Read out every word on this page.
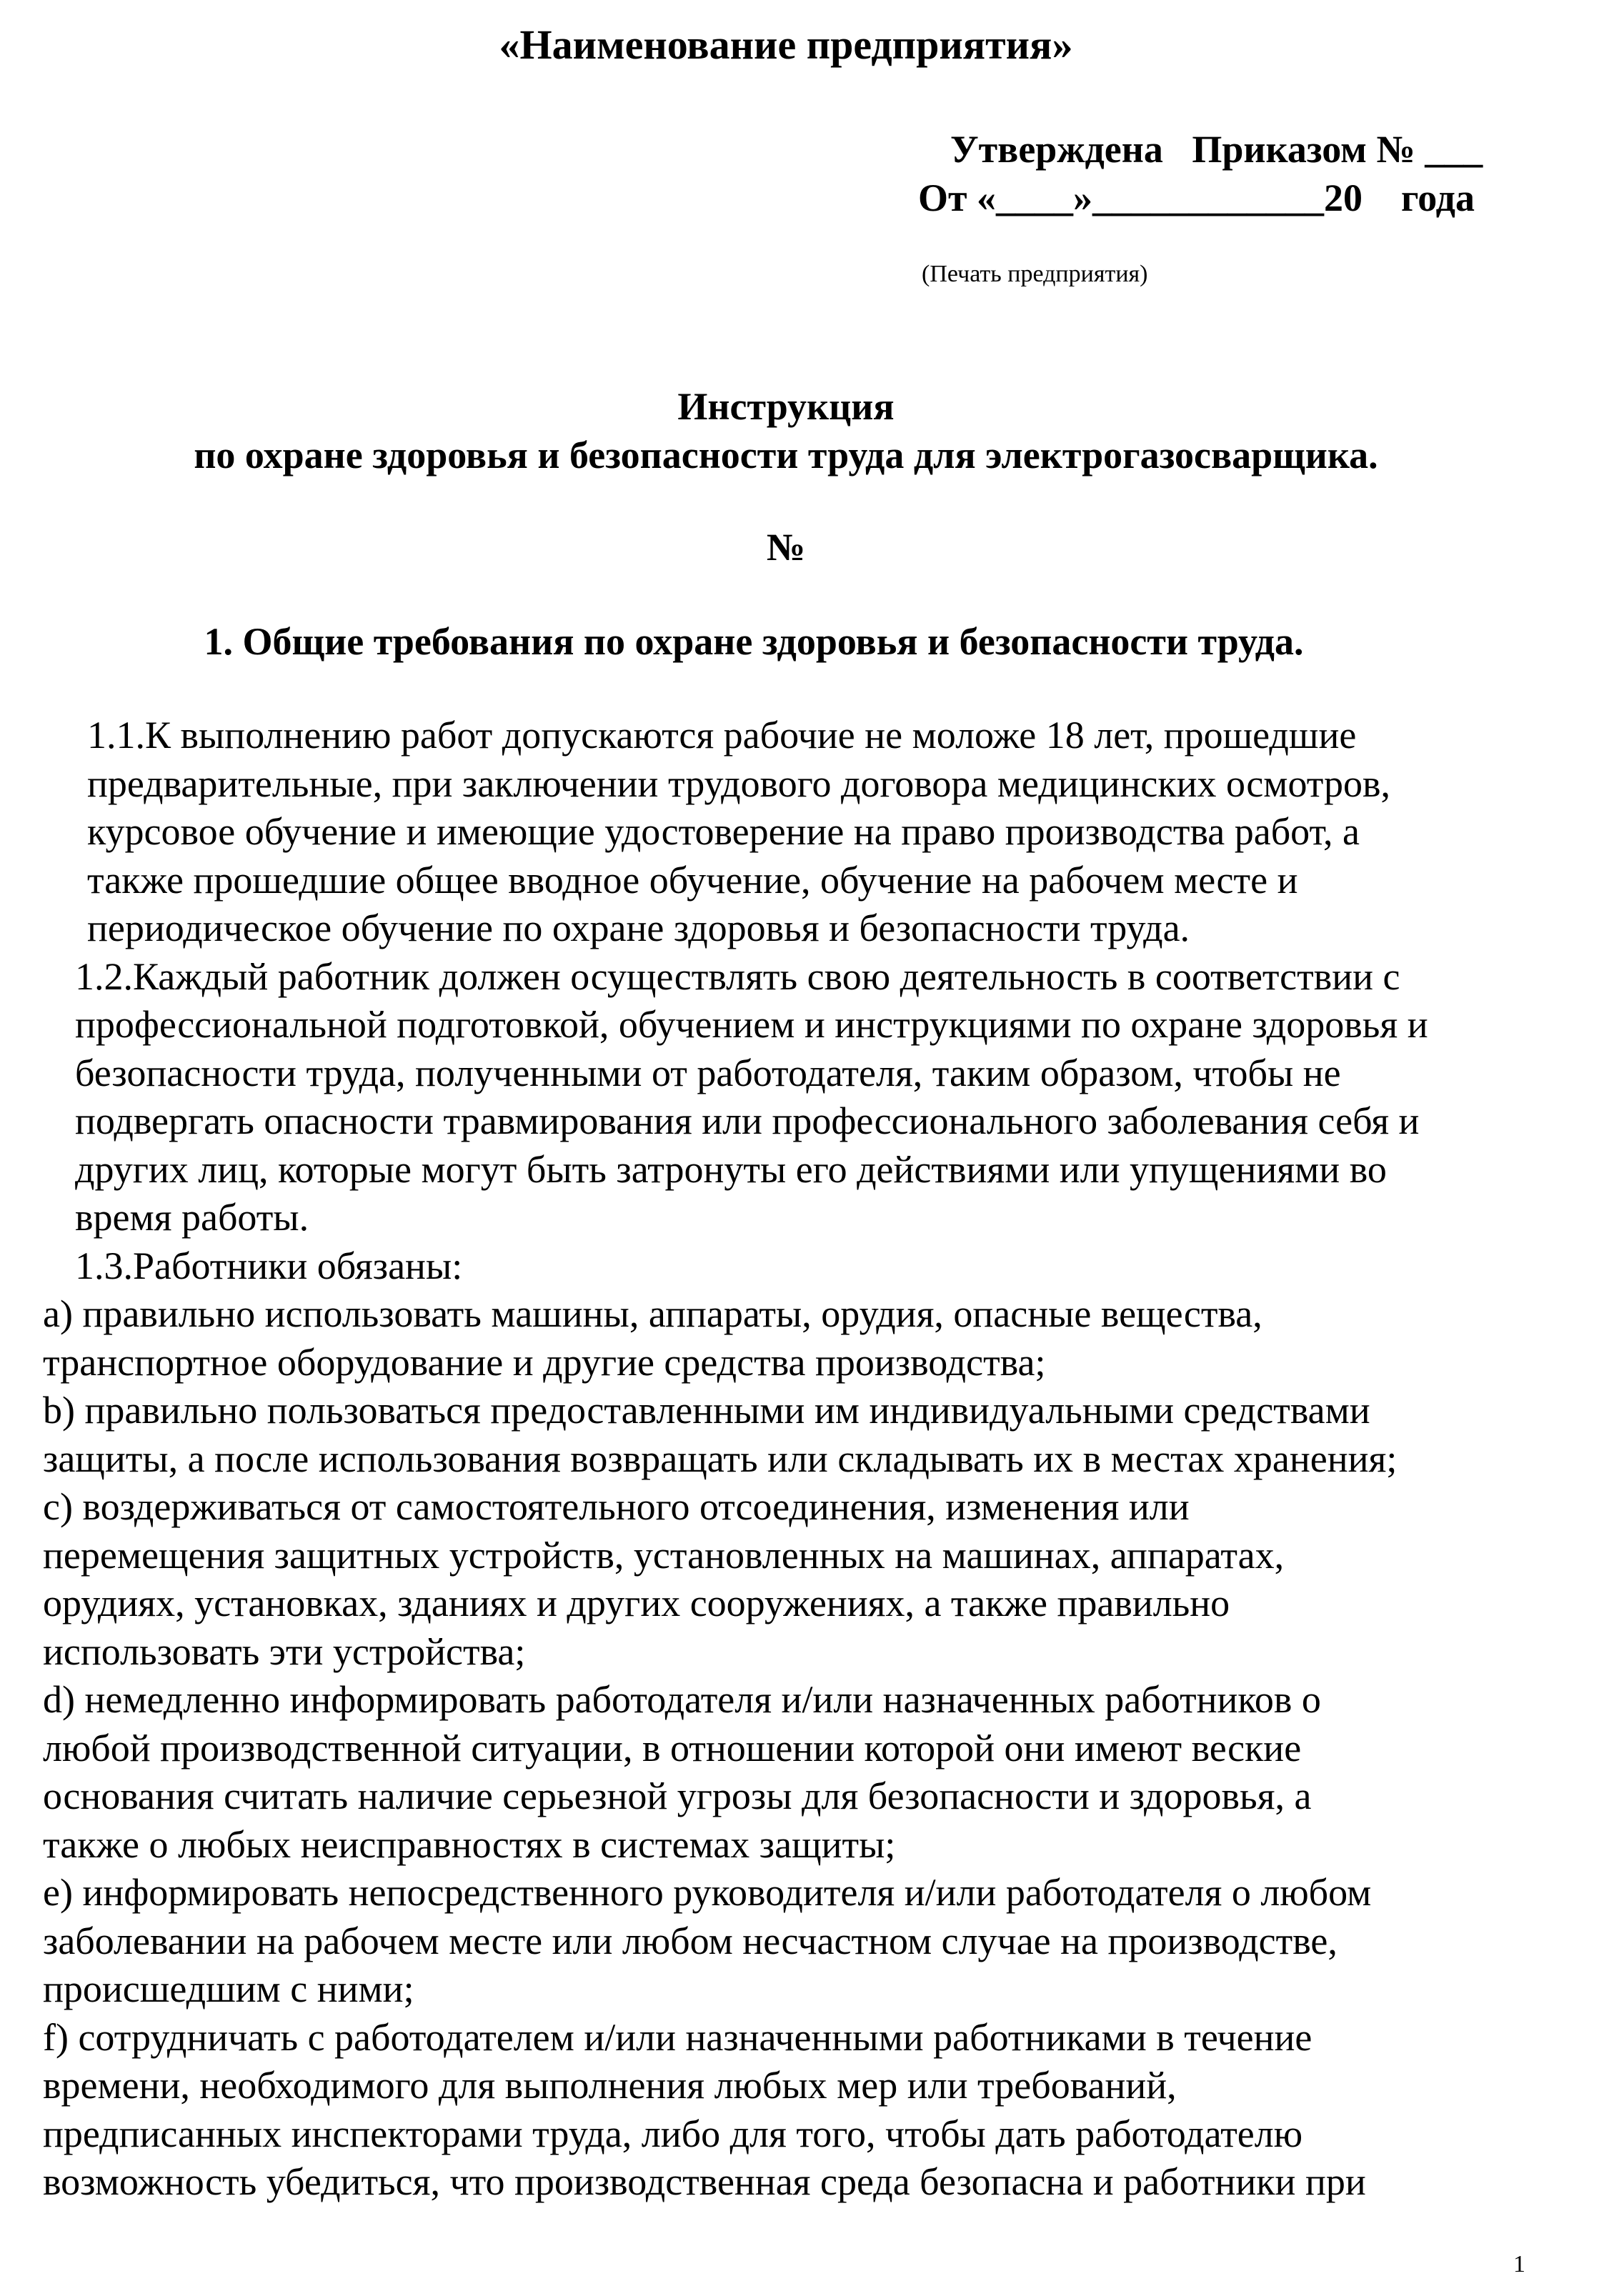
«Наименование предприятия»
Утверждена   Приказом № ___
От «____»____________20    года
(Печать предприятия)
Инструкция
по охране здоровья и безопасности труда для электрогазосварщика.
№
1. Общие требования по охране здоровья и безопасности труда.

1.1.К выполнению работ допускаются рабочие не моложе 18 лет, прошедшие
предварительные, при заключении трудового договора медицинских осмотров,
курсовое обучение и имеющие удостоверение на право производства работ, а
также прошедшие общее вводное обучение, обучение на рабочем месте и
периодическое обучение по охране здоровья и безопасности труда.

1.2.Каждый работник должен осуществлять свою деятельность в соответствии с
профессиональной подготовкой, обучением и инструкциями по охране здоровья и
безопасности труда, полученными от работодателя, таким образом, чтобы не
подвергать опасности травмирования или профессионального заболевания себя и
других лиц, которые могут быть затронуты его действиями или упущениями во
время работы.

1.3.Работники обязаны:

a) правильно использовать машины, аппараты, орудия, опасные вещества,
транспортное оборудование и другие средства производства;

b) правильно пользоваться предоставленными им индивидуальными средствами
защиты, а после использования возвращать или складывать их в местах хранения;

c) воздерживаться от самостоятельного отсоединения, изменения или
перемещения защитных устройств, установленных на машинах, аппаратах,
орудиях, установках, зданиях и других сооружениях, а также правильно
использовать эти устройства;

d) немедленно информировать работодателя и/или назначенных работников о
любой производственной ситуации, в отношении которой они имеют веские
основания считать наличие серьезной угрозы для безопасности и здоровья, а
также о любых неисправностях в системах защиты;

e) информировать непосредственного руководителя и/или работодателя о любом
заболевании на рабочем месте или любом несчастном случае на производстве,
происшедшим с ними;

f) сотрудничать с работодателем и/или назначенными работниками в течение
времени, необходимого для выполнения любых мер или требований,
предписанных инспекторами труда, либо для того, чтобы дать работодателю
возможность убедиться, что производственная среда безопасна и работники при

1
